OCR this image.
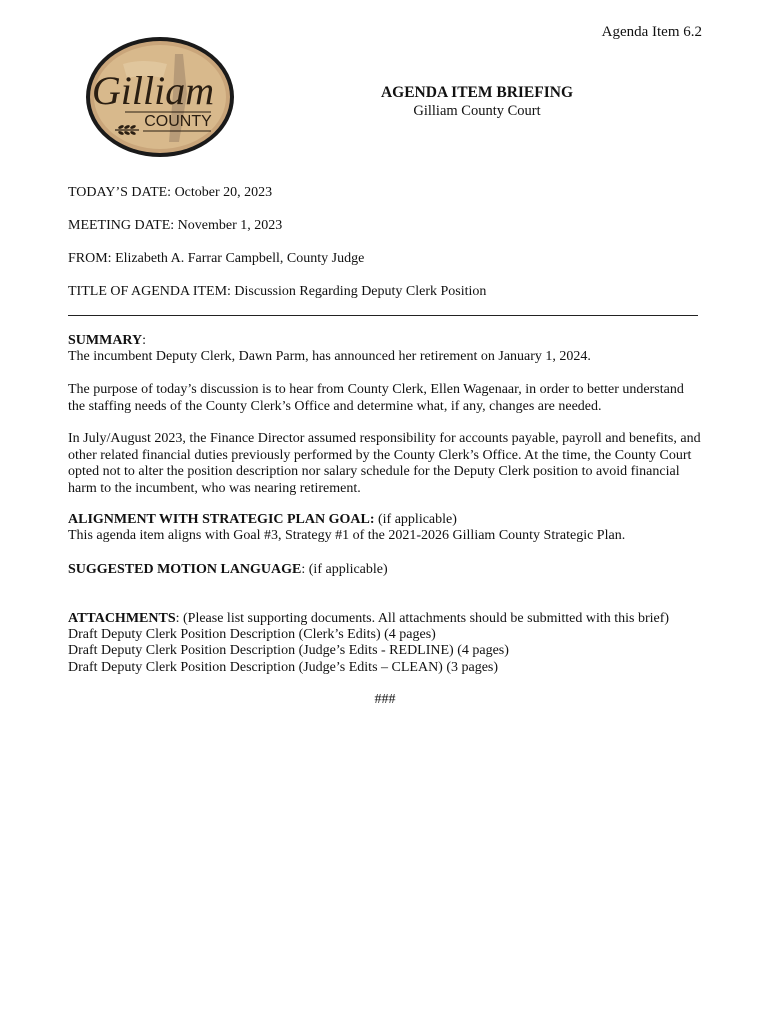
Agenda Item 6.2
Gilliam
COUNTY
AGENDA ITEM BRIEFING
Gilliam County Court
TODAY’S DATE: October 20, 2023
MEETING DATE: November 1, 2023
FROM: Elizabeth A. Farrar Campbell, County Judge
TITLE OF AGENDA ITEM: Discussion Regarding Deputy Clerk Position
SUMMARY:
The incumbent Deputy Clerk, Dawn Parm, has announced her retirement on January 1, 2024.
The purpose of today’s discussion is to hear from County Clerk, Ellen Wagenaar, in order to better understand the staffing needs of the County Clerk’s Office and determine what, if any, changes are needed.
In July/August 2023, the Finance Director assumed responsibility for accounts payable, payroll and benefits, and other related financial duties previously performed by the County Clerk’s Office. At the time, the County Court opted not to alter the position description nor salary schedule for the Deputy Clerk position to avoid financial harm to the incumbent, who was nearing retirement.
ALIGNMENT WITH STRATEGIC PLAN GOAL: (if applicable)
This agenda item aligns with Goal #3, Strategy #1 of the 2021-2026 Gilliam County Strategic Plan.
SUGGESTED MOTION LANGUAGE: (if applicable)
ATTACHMENTS: (Please list supporting documents. All attachments should be submitted with this brief)
Draft Deputy Clerk Position Description (Clerk’s Edits) (4 pages)
Draft Deputy Clerk Position Description (Judge’s Edits - REDLINE) (4 pages)
Draft Deputy Clerk Position Description (Judge’s Edits – CLEAN) (3 pages)
###
